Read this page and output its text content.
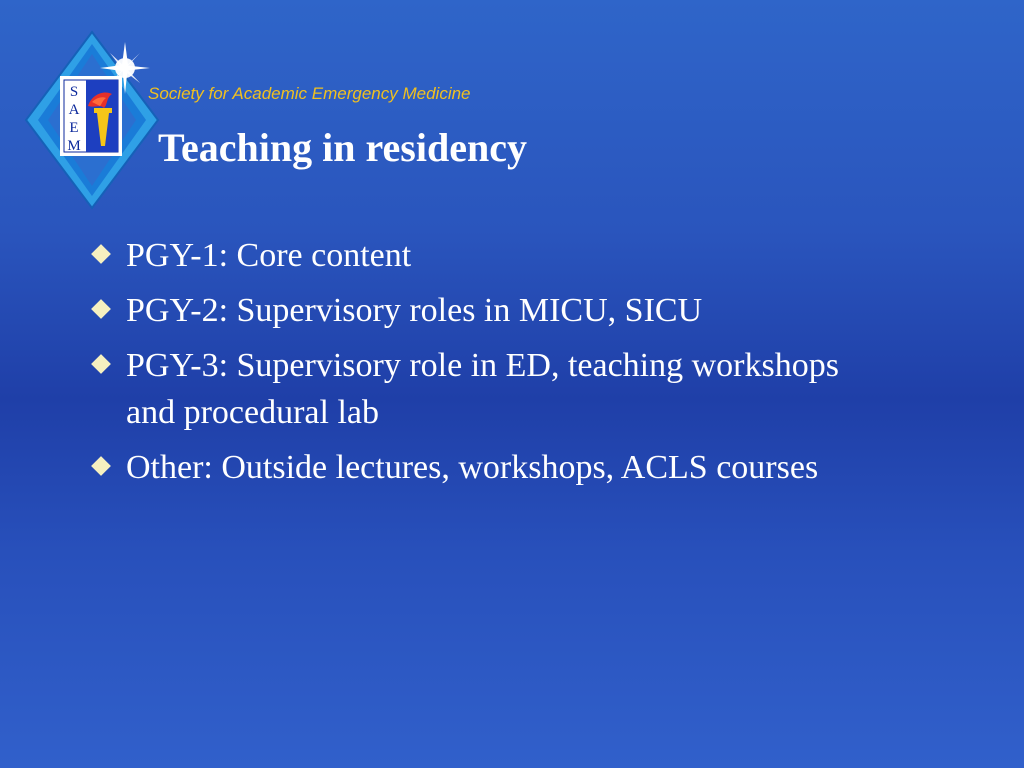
S
A
E
M
Society for Academic Emergency Medicine
Teaching in residency
PGY-1: Core content
PGY-2: Supervisory roles in MICU, SICU
PGY-3: Supervisory role in ED, teaching workshops and procedural lab
Other: Outside lectures, workshops, ACLS courses
